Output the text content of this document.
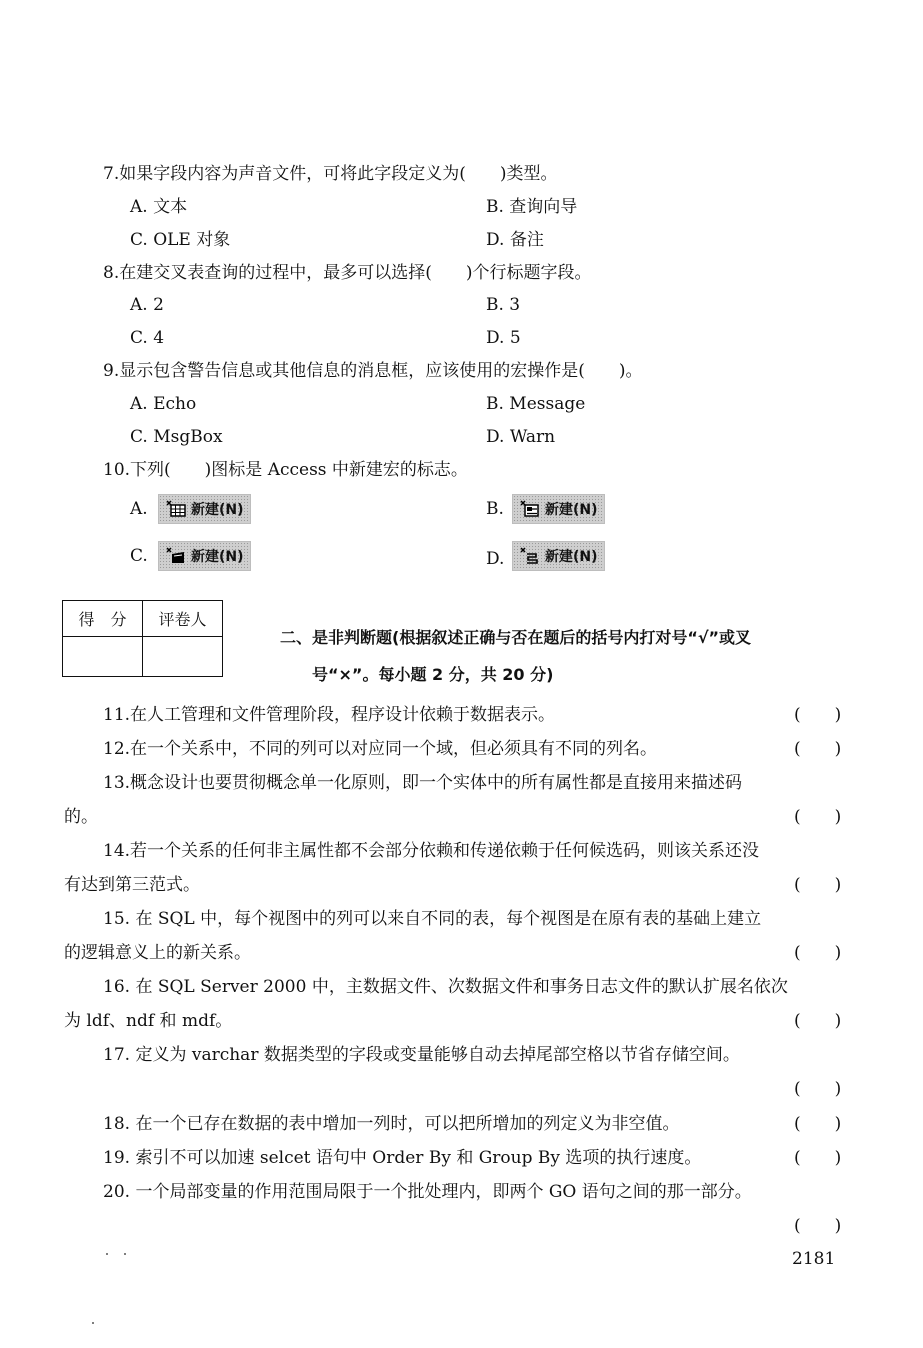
7.如果字段内容为声音文件，可将此字段定义为(　　)类型。
A. 文本	B. 查询向导
C. OLE 对象	D. 备注
8.在建交叉表查询的过程中，最多可以选择(　　)个行标题字段。
A. 2	B. 3
C. 4	D. 5
9.显示包含警告信息或其他信息的消息框，应该使用的宏操作是(　　)。
A. Echo	B. Message
C. MsgBox	D. Warn
10.下列(　　)图标是 Access 中新建宏的标志。
A.	新建(N)	B.	新建(N)
C.	新建(N)	D.	新建(N)
得　分	评卷人

二、是非判断题(根据叙述正确与否在题后的括号内打对号“√”或叉
号“×”。每小题 2 分，共 20 分)
11.在人工管理和文件管理阶段，程序设计依赖于数据表示。	(　　)
12.在一个关系中，不同的列可以对应同一个域，但必须具有不同的列名。	(　　)
13.概念设计也要贯彻概念单一化原则，即一个实体中的所有属性都是直接用来描述码
的。	(　　)
14.若一个关系的任何非主属性都不会部分依赖和传递依赖于任何候选码，则该关系还没
有达到第三范式。	(　　)
15. 在 SQL 中，每个视图中的列可以来自不同的表，每个视图是在原有表的基础上建立
的逻辑意义上的新关系。	(　　)
16. 在 SQL Server 2000 中，主数据文件、次数据文件和事务日志文件的默认扩展名依次
为 ldf、ndf 和 mdf。	(　　)
17. 定义为 varchar 数据类型的字段或变量能够自动去掉尾部空格以节省存储空间。
(　　)
18. 在一个已存在数据的表中增加一列时，可以把所增加的列定义为非空值。	(　　)
19. 索引不可以加速 selcet 语句中 Order By 和 Group By 选项的执行速度。	(　　)
20. 一个局部变量的作用范围局限于一个批处理内，即两个 GO 语句之间的那一部分。
(　　)
2181
